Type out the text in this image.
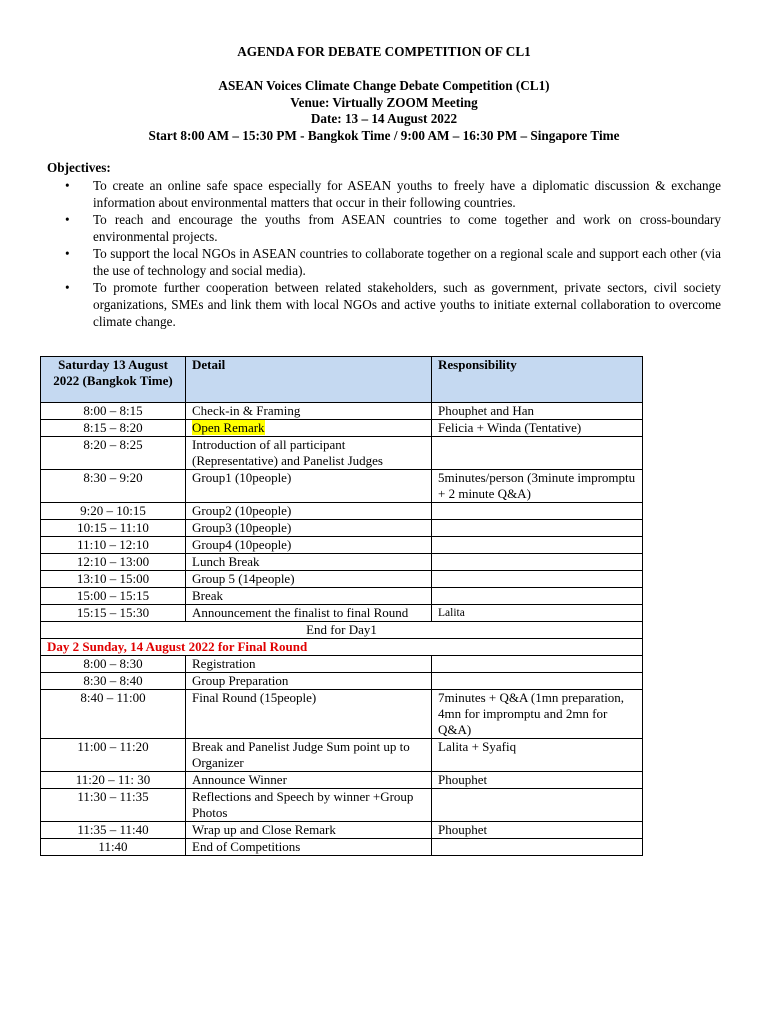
AGENDA FOR DEBATE COMPETITION OF CL1
ASEAN Voices Climate Change Debate Competition (CL1)
Venue: Virtually ZOOM Meeting
Date: 13 – 14 August 2022
Start 8:00 AM – 15:30 PM - Bangkok Time / 9:00 AM – 16:30 PM – Singapore Time
Objectives:
• To create an online safe space especially for ASEAN youths to freely have a diplomatic discussion & exchange information about environmental matters that occur in their following countries.
• To reach and encourage the youths from ASEAN countries to come together and work on cross-boundary environmental projects.
• To support the local NGOs in ASEAN countries to collaborate together on a regional scale and support each other (via the use of technology and social media).
• To promote further cooperation between related stakeholders, such as government, private sectors, civil society organizations, SMEs and link them with local NGOs and active youths to initiate external collaboration to overcome climate change.
Saturday 13 August 2022 (Bangkok Time)	Detail	Responsibility
8:00 – 8:15	Check-in & Framing	Phouphet and Han
8:15 – 8:20	Open Remark	Felicia + Winda (Tentative)
8:20 – 8:25	Introduction of all participant (Representative) and Panelist Judges	
8:30 – 9:20	Group1 (10people)	5minutes/person (3minute impromptu + 2 minute Q&A)
9:20 – 10:15	Group2 (10people)	
10:15 – 11:10	Group3 (10people)	
11:10 – 12:10	Group4 (10people)	
12:10 – 13:00	Lunch Break	
13:10 – 15:00	Group 5 (14people)	
15:00 – 15:15	Break	
15:15 – 15:30	Announcement the finalist to final Round	Lalita
End for Day1		
Day 2 Sunday, 14 August 2022 for Final Round		
8:00 – 8:30	Registration	
8:30 – 8:40	Group Preparation	
8:40 – 11:00	Final Round (15people)	7minutes + Q&A (1mn preparation, 4mn for impromptu and 2mn for Q&A)
11:00 – 11:20	Break and Panelist Judge Sum point up to Organizer	Lalita + Syafiq
11:20 – 11: 30	Announce Winner	Phouphet
11:30 – 11:35	Reflections and Speech by winner +Group Photos	
11:35 – 11:40	Wrap up and Close Remark	Phouphet
11:40	End of Competitions	
